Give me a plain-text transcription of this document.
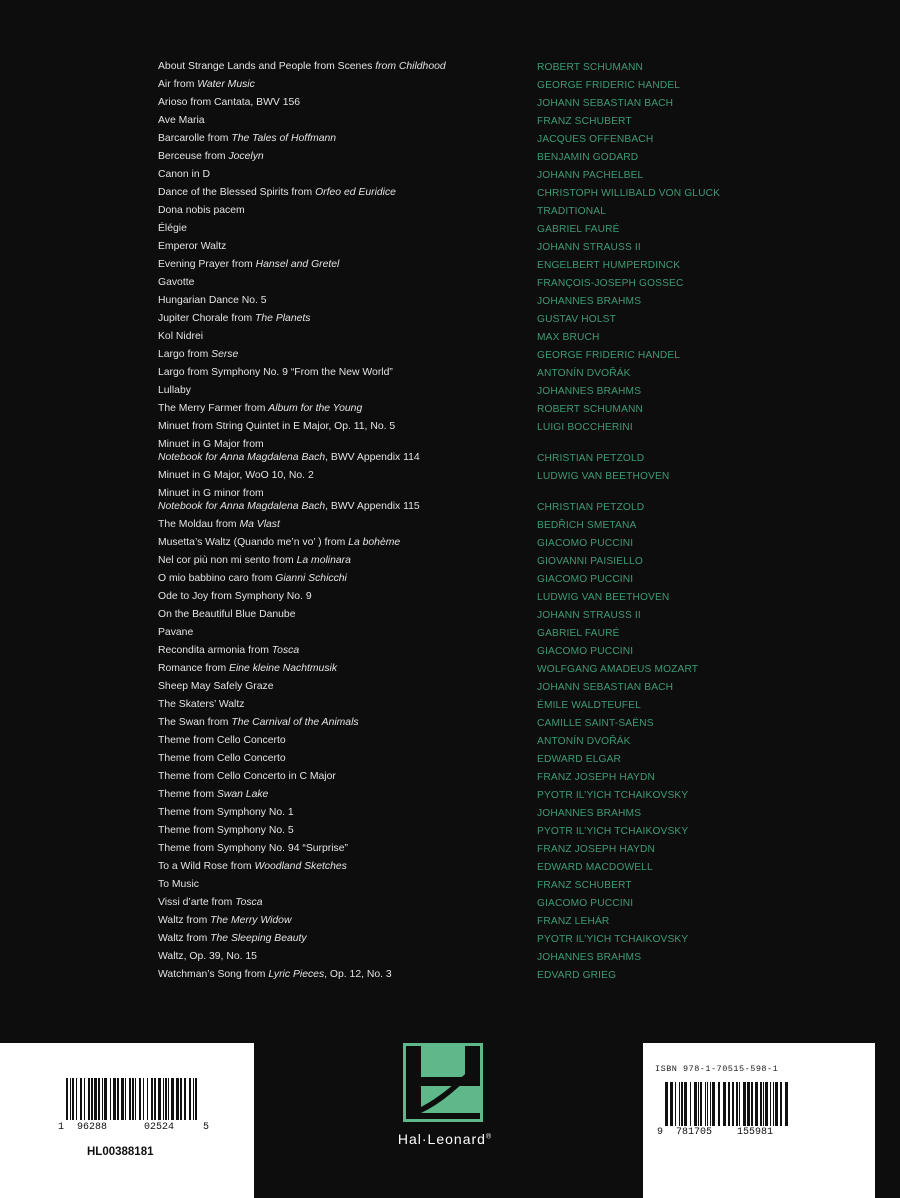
About Strange Lands and People from Scenes from Childhood	ROBERT SCHUMANN
Air from Water Music	GEORGE FRIDERIC HANDEL
Arioso from Cantata, BWV 156	JOHANN SEBASTIAN BACH
Ave Maria	FRANZ SCHUBERT
Barcarolle from The Tales of Hoffmann	JACQUES OFFENBACH
Berceuse from Jocelyn	BENJAMIN GODARD
Canon in D	JOHANN PACHELBEL
Dance of the Blessed Spirits from Orfeo ed Euridice	CHRISTOPH WILLIBALD VON GLUCK
Dona nobis pacem	TRADITIONAL
Élégie	GABRIEL FAURÉ
Emperor Waltz	JOHANN STRAUSS II
Evening Prayer from Hansel and Gretel	ENGELBERT HUMPERDINCK
Gavotte	FRANÇOIS-JOSEPH GOSSEC
Hungarian Dance No. 5	JOHANNES BRAHMS
Jupiter Chorale from The Planets	GUSTAV HOLST
Kol Nidrei	MAX BRUCH
Largo from Serse	GEORGE FRIDERIC HANDEL
Largo from Symphony No. 9 “From the New World”	ANTONÍN DVOŘÁK
Lullaby	JOHANNES BRAHMS
The Merry Farmer from Album for the Young	ROBERT SCHUMANN
Minuet from String Quintet in E Major, Op. 11, No. 5	LUIGI BOCCHERINI
Minuet in G Major from
Notebook for Anna Magdalena Bach, BWV Appendix 114	CHRISTIAN PETZOLD
Minuet in G Major, WoO 10, No. 2	LUDWIG VAN BEETHOVEN
Minuet in G minor from
Notebook for Anna Magdalena Bach, BWV Appendix 115	CHRISTIAN PETZOLD
The Moldau from Ma Vlast	BEDŘICH SMETANA
Musetta’s Waltz (Quando me’n vo’ ) from La bohème	GIACOMO PUCCINI
Nel cor più non mi sento from La molinara	GIOVANNI PAISIELLO
O mio babbino caro from Gianni Schicchi	GIACOMO PUCCINI
Ode to Joy from Symphony No. 9	LUDWIG VAN BEETHOVEN
On the Beautiful Blue Danube	JOHANN STRAUSS II
Pavane	GABRIEL FAURÉ
Recondita armonia from Tosca	GIACOMO PUCCINI
Romance from Eine kleine Nachtmusik	WOLFGANG AMADEUS MOZART
Sheep May Safely Graze	JOHANN SEBASTIAN BACH
The Skaters’ Waltz	ÉMILE WALDTEUFEL
The Swan from The Carnival of the Animals	CAMILLE SAINT-SAËNS
Theme from Cello Concerto	ANTONÍN DVOŘÁK
Theme from Cello Concerto	EDWARD ELGAR
Theme from Cello Concerto in C Major	FRANZ JOSEPH HAYDN
Theme from Swan Lake	PYOTR IL’YICH TCHAIKOVSKY
Theme from Symphony No. 1	JOHANNES BRAHMS
Theme from Symphony No. 5	PYOTR IL’YICH TCHAIKOVSKY
Theme from Symphony No. 94 “Surprise”	FRANZ JOSEPH HAYDN
To a Wild Rose from Woodland Sketches	EDWARD MACDOWELL
To Music	FRANZ SCHUBERT
Vissi d’arte from Tosca	GIACOMO PUCCINI
Waltz from The Merry Widow	FRANZ LEHÁR
Waltz from The Sleeping Beauty	PYOTR IL’YICH TCHAIKOVSKY
Waltz, Op. 39, No. 15	JOHANNES BRAHMS
Watchman’s Song from Lyric Pieces, Op. 12, No. 3	EDVARD GRIEG
1 96288	02524	5
HL00388181
Hal·Leonard®
ISBN 978-1-70515-598-1
9 781705 155981
